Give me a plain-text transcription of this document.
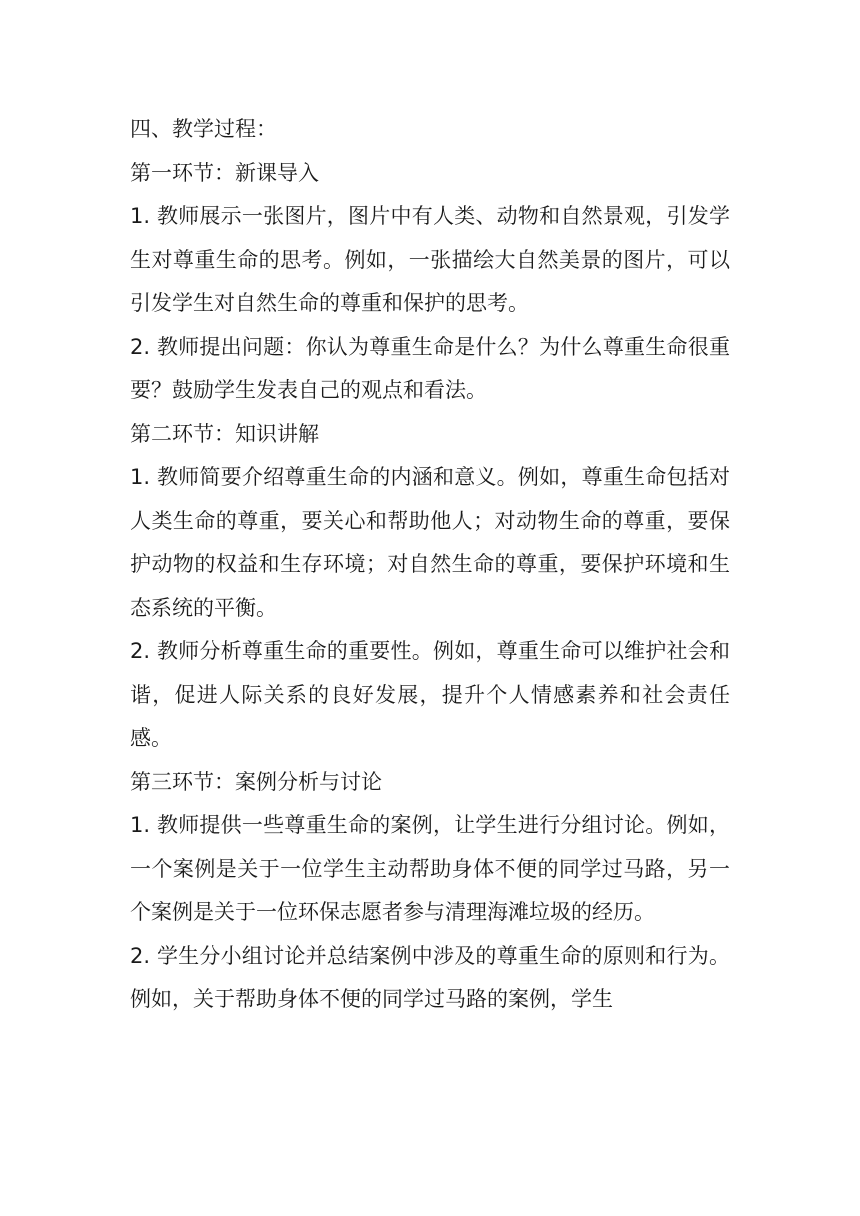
四、教学过程：

第一环节：新课导入

1. 教师展示一张图片，图片中有人类、动物和自然景观，引发学生对尊重生命的思考。例如，一张描绘大自然美景的图片，可以引发学生对自然生命的尊重和保护的思考。

2. 教师提出问题：你认为尊重生命是什么？为什么尊重生命很重要？鼓励学生发表自己的观点和看法。

第二环节：知识讲解

1. 教师简要介绍尊重生命的内涵和意义。例如，尊重生命包括对人类生命的尊重，要关心和帮助他人；对动物生命的尊重，要保护动物的权益和生存环境；对自然生命的尊重，要保护环境和生态系统的平衡。

2. 教师分析尊重生命的重要性。例如，尊重生命可以维护社会和谐，促进人际关系的良好发展，提升个人情感素养和社会责任感。

第三环节：案例分析与讨论

1. 教师提供一些尊重生命的案例，让学生进行分组讨论。例如，一个案例是关于一位学生主动帮助身体不便的同学过马路，另一个案例是关于一位环保志愿者参与清理海滩垃圾的经历。

2. 学生分小组讨论并总结案例中涉及的尊重生命的原则和行为。例如，关于帮助身体不便的同学过马路的案例，学生
